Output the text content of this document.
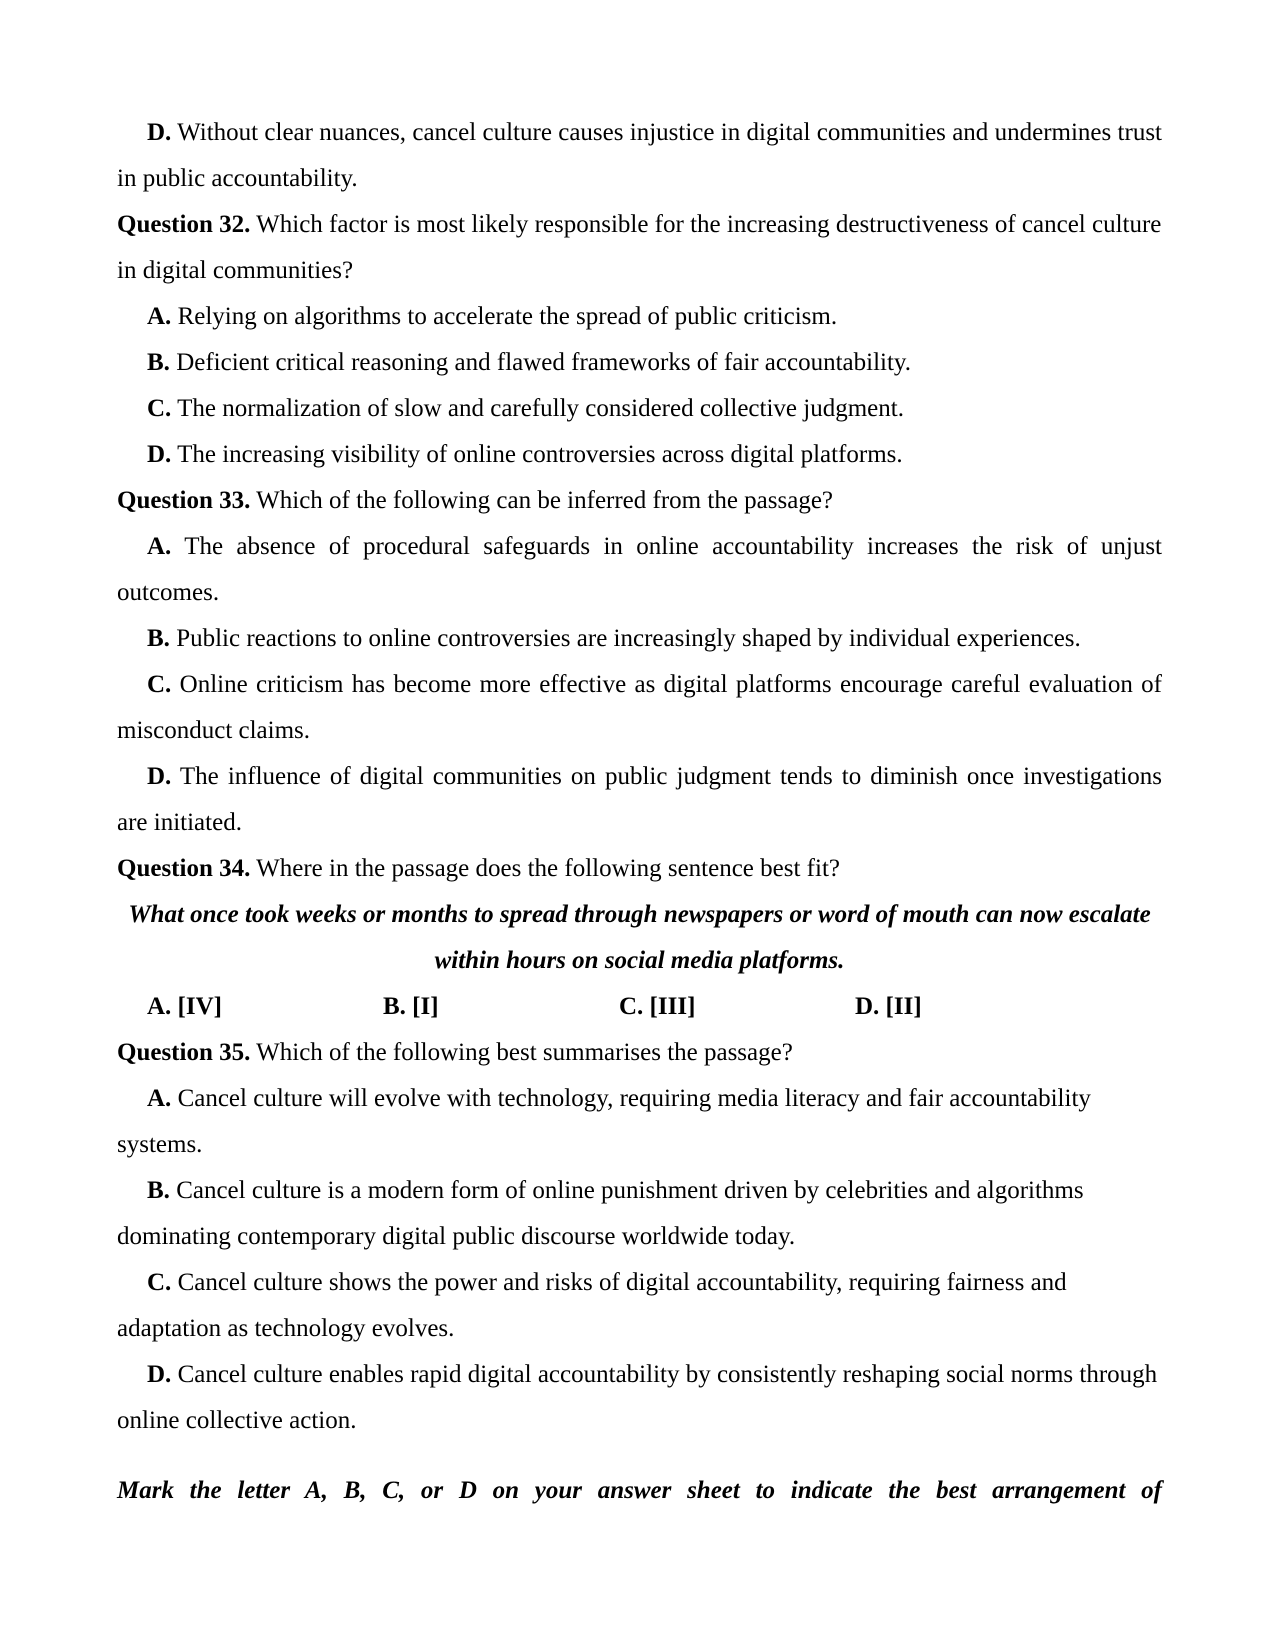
D. Without clear nuances, cancel culture causes injustice in digital communities and undermines trust in public accountability.

Question 32. Which factor is most likely responsible for the increasing destructiveness of cancel culture in digital communities?

A. Relying on algorithms to accelerate the spread of public criticism.

B. Deficient critical reasoning and flawed frameworks of fair accountability.

C. The normalization of slow and carefully considered collective judgment.

D. The increasing visibility of online controversies across digital platforms.

Question 33. Which of the following can be inferred from the passage?

A. The absence of procedural safeguards in online accountability increases the risk of unjust outcomes.

B. Public reactions to online controversies are increasingly shaped by individual experiences.

C. Online criticism has become more effective as digital platforms encourage careful evaluation of misconduct claims.

D. The influence of digital communities on public judgment tends to diminish once investigations are initiated.

Question 34. Where in the passage does the following sentence best fit?

What once took weeks or months to spread through newspapers or word of mouth can now escalate within hours on social media platforms.

A. [IV]	B. [I]	C. [III]	D. [II]

Question 35. Which of the following best summarises the passage?

A. Cancel culture will evolve with technology, requiring media literacy and fair accountability systems.

B. Cancel culture is a modern form of online punishment driven by celebrities and algorithms dominating contemporary digital public discourse worldwide today.

C. Cancel culture shows the power and risks of digital accountability, requiring fairness and adaptation as technology evolves.

D. Cancel culture enables rapid digital accountability by consistently reshaping social norms through online collective action.

Mark the letter A, B, C, or D on your answer sheet to indicate the best arrangement of
